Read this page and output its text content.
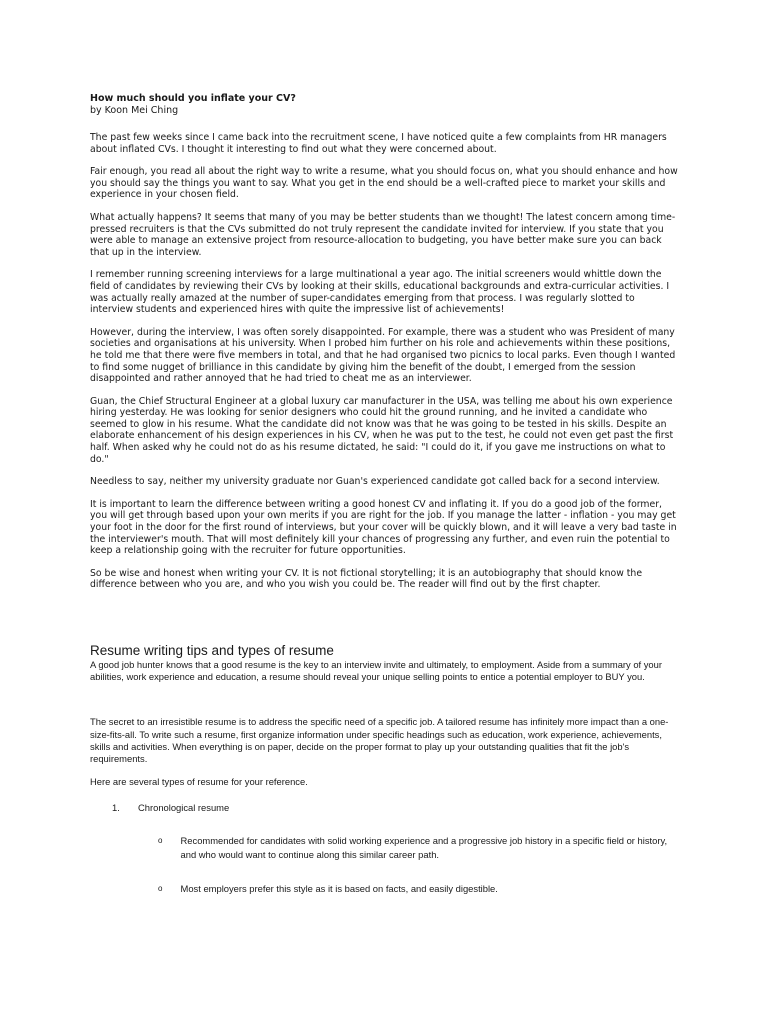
How much should you inflate your CV?

by Koon Mei Ching

The past few weeks since I came back into the recruitment scene, I have noticed quite a few complaints from HR managers about inflated CVs. I thought it interesting to find out what they were concerned about.

Fair enough, you read all about the right way to write a resume, what you should focus on, what you should enhance and how you should say the things you want to say. What you get in the end should be a well-crafted piece to market your skills and experience in your chosen field.

What actually happens? It seems that many of you may be better students than we thought! The latest concern among time-pressed recruiters is that the CVs submitted do not truly represent the candidate invited for interview. If you state that you were able to manage an extensive project from resource-allocation to budgeting, you have better make sure you can back that up in the interview.

I remember running screening interviews for a large multinational a year ago. The initial screeners would whittle down the field of candidates by reviewing their CVs by looking at their skills, educational backgrounds and extra-curricular activities. I was actually really amazed at the number of super-candidates emerging from that process. I was regularly slotted to interview students and experienced hires with quite the impressive list of achievements!

However, during the interview, I was often sorely disappointed. For example, there was a student who was President of many societies and organisations at his university. When I probed him further on his role and achievements within these positions, he told me that there were five members in total, and that he had organised two picnics to local parks. Even though I wanted to find some nugget of brilliance in this candidate by giving him the benefit of the doubt, I emerged from the session disappointed and rather annoyed that he had tried to cheat me as an interviewer.

Guan, the Chief Structural Engineer at a global luxury car manufacturer in the USA, was telling me about his own experience hiring yesterday. He was looking for senior designers who could hit the ground running, and he invited a candidate who seemed to glow in his resume. What the candidate did not know was that he was going to be tested in his skills. Despite an elaborate enhancement of his design experiences in his CV, when he was put to the test, he could not even get past the first half. When asked why he could not do as his resume dictated, he said: "I could do it, if you gave me instructions on what to do."

Needless to say, neither my university graduate nor Guan's experienced candidate got called back for a second interview.

It is important to learn the difference between writing a good honest CV and inflating it. If you do a good job of the former, you will get through based upon your own merits if you are right for the job. If you manage the latter - inflation - you may get your foot in the door for the first round of interviews, but your cover will be quickly blown, and it will leave a very bad taste in the interviewer's mouth. That will most definitely kill your chances of progressing any further, and even ruin the potential to keep a relationship going with the recruiter for future opportunities.

So be wise and honest when writing your CV. It is not fictional storytelling; it is an autobiography that should know the difference between who you are, and who you wish you could be. The reader will find out by the first chapter.

Resume writing tips and types of resume

A good job hunter knows that a good resume is the key to an interview invite and ultimately, to employment. Aside from a summary of your abilities, work experience and education, a resume should reveal your unique selling points to entice a potential employer to BUY you.

The secret to an irresistible resume is to address the specific need of a specific job. A tailored resume has infinitely more impact than a one-size-fits-all. To write such a resume, first organize information under specific headings such as education, work experience, achievements, skills and activities. When everything is on paper, decide on the proper format to play up your outstanding qualities that fit the job's requirements.

Here are several types of resume for your reference.

1.	Chronological resume
o	Recommended for candidates with solid working experience and a progressive job history in a specific field or history, and who would want to continue along this similar career path.
o	Most employers prefer this style as it is based on facts, and easily digestible.
